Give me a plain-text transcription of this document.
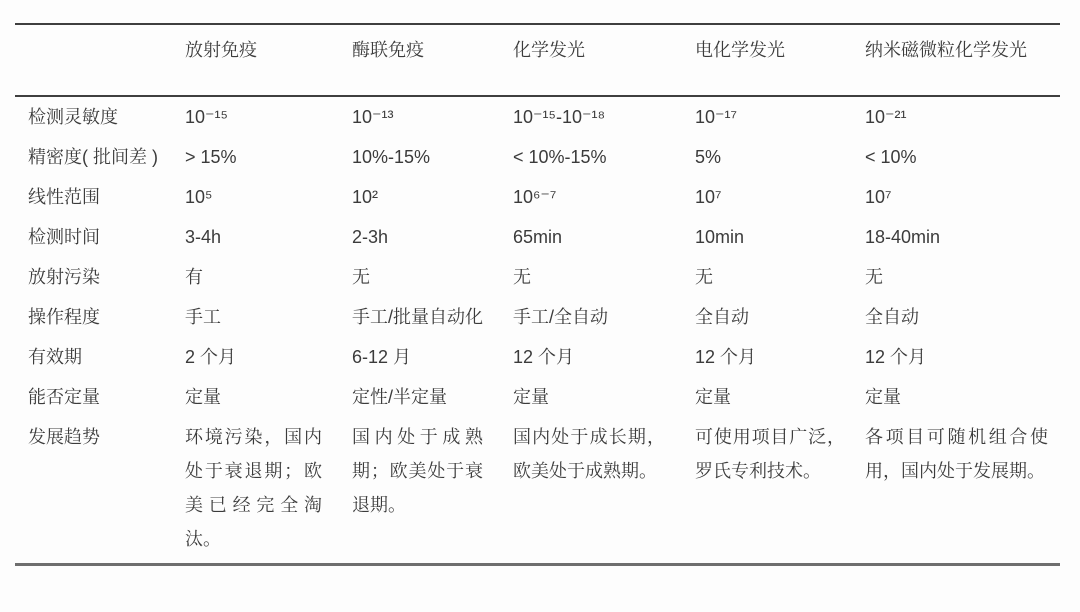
	放射免疫	酶联免疫	化学发光	电化学发光	纳米磁微粒化学发光
检测灵敏度	10⁻¹⁵	10⁻¹³	10⁻¹⁵-10⁻¹⁸	10⁻¹⁷	10⁻²¹
精密度( 批间差 )	> 15%	10%-15%	< 10%-15%	5%	< 10%
线性范围	10⁵	10²	10⁶⁻⁷	10⁷	10⁷
检测时间	3-4h	2-3h	65min	10min	18-40min
放射污染	有	无	无	无	无
操作程度	手工	手工/批量自动化	手工/全自动	全自动	全自动
有效期	2 个月	6-12 月	12 个月	12 个月	12 个月
能否定量	定量	定性/半定量	定量	定量	定量
发展趋势	环境污染，国内处于衰退期；欧美已经完全淘汰。	国内处于成熟期；欧美处于衰退期。	国内处于成长期，欧美处于成熟期。	可使用项目广泛，罗氏专利技术。	各项目可随机组合使用，国内处于发展期。
